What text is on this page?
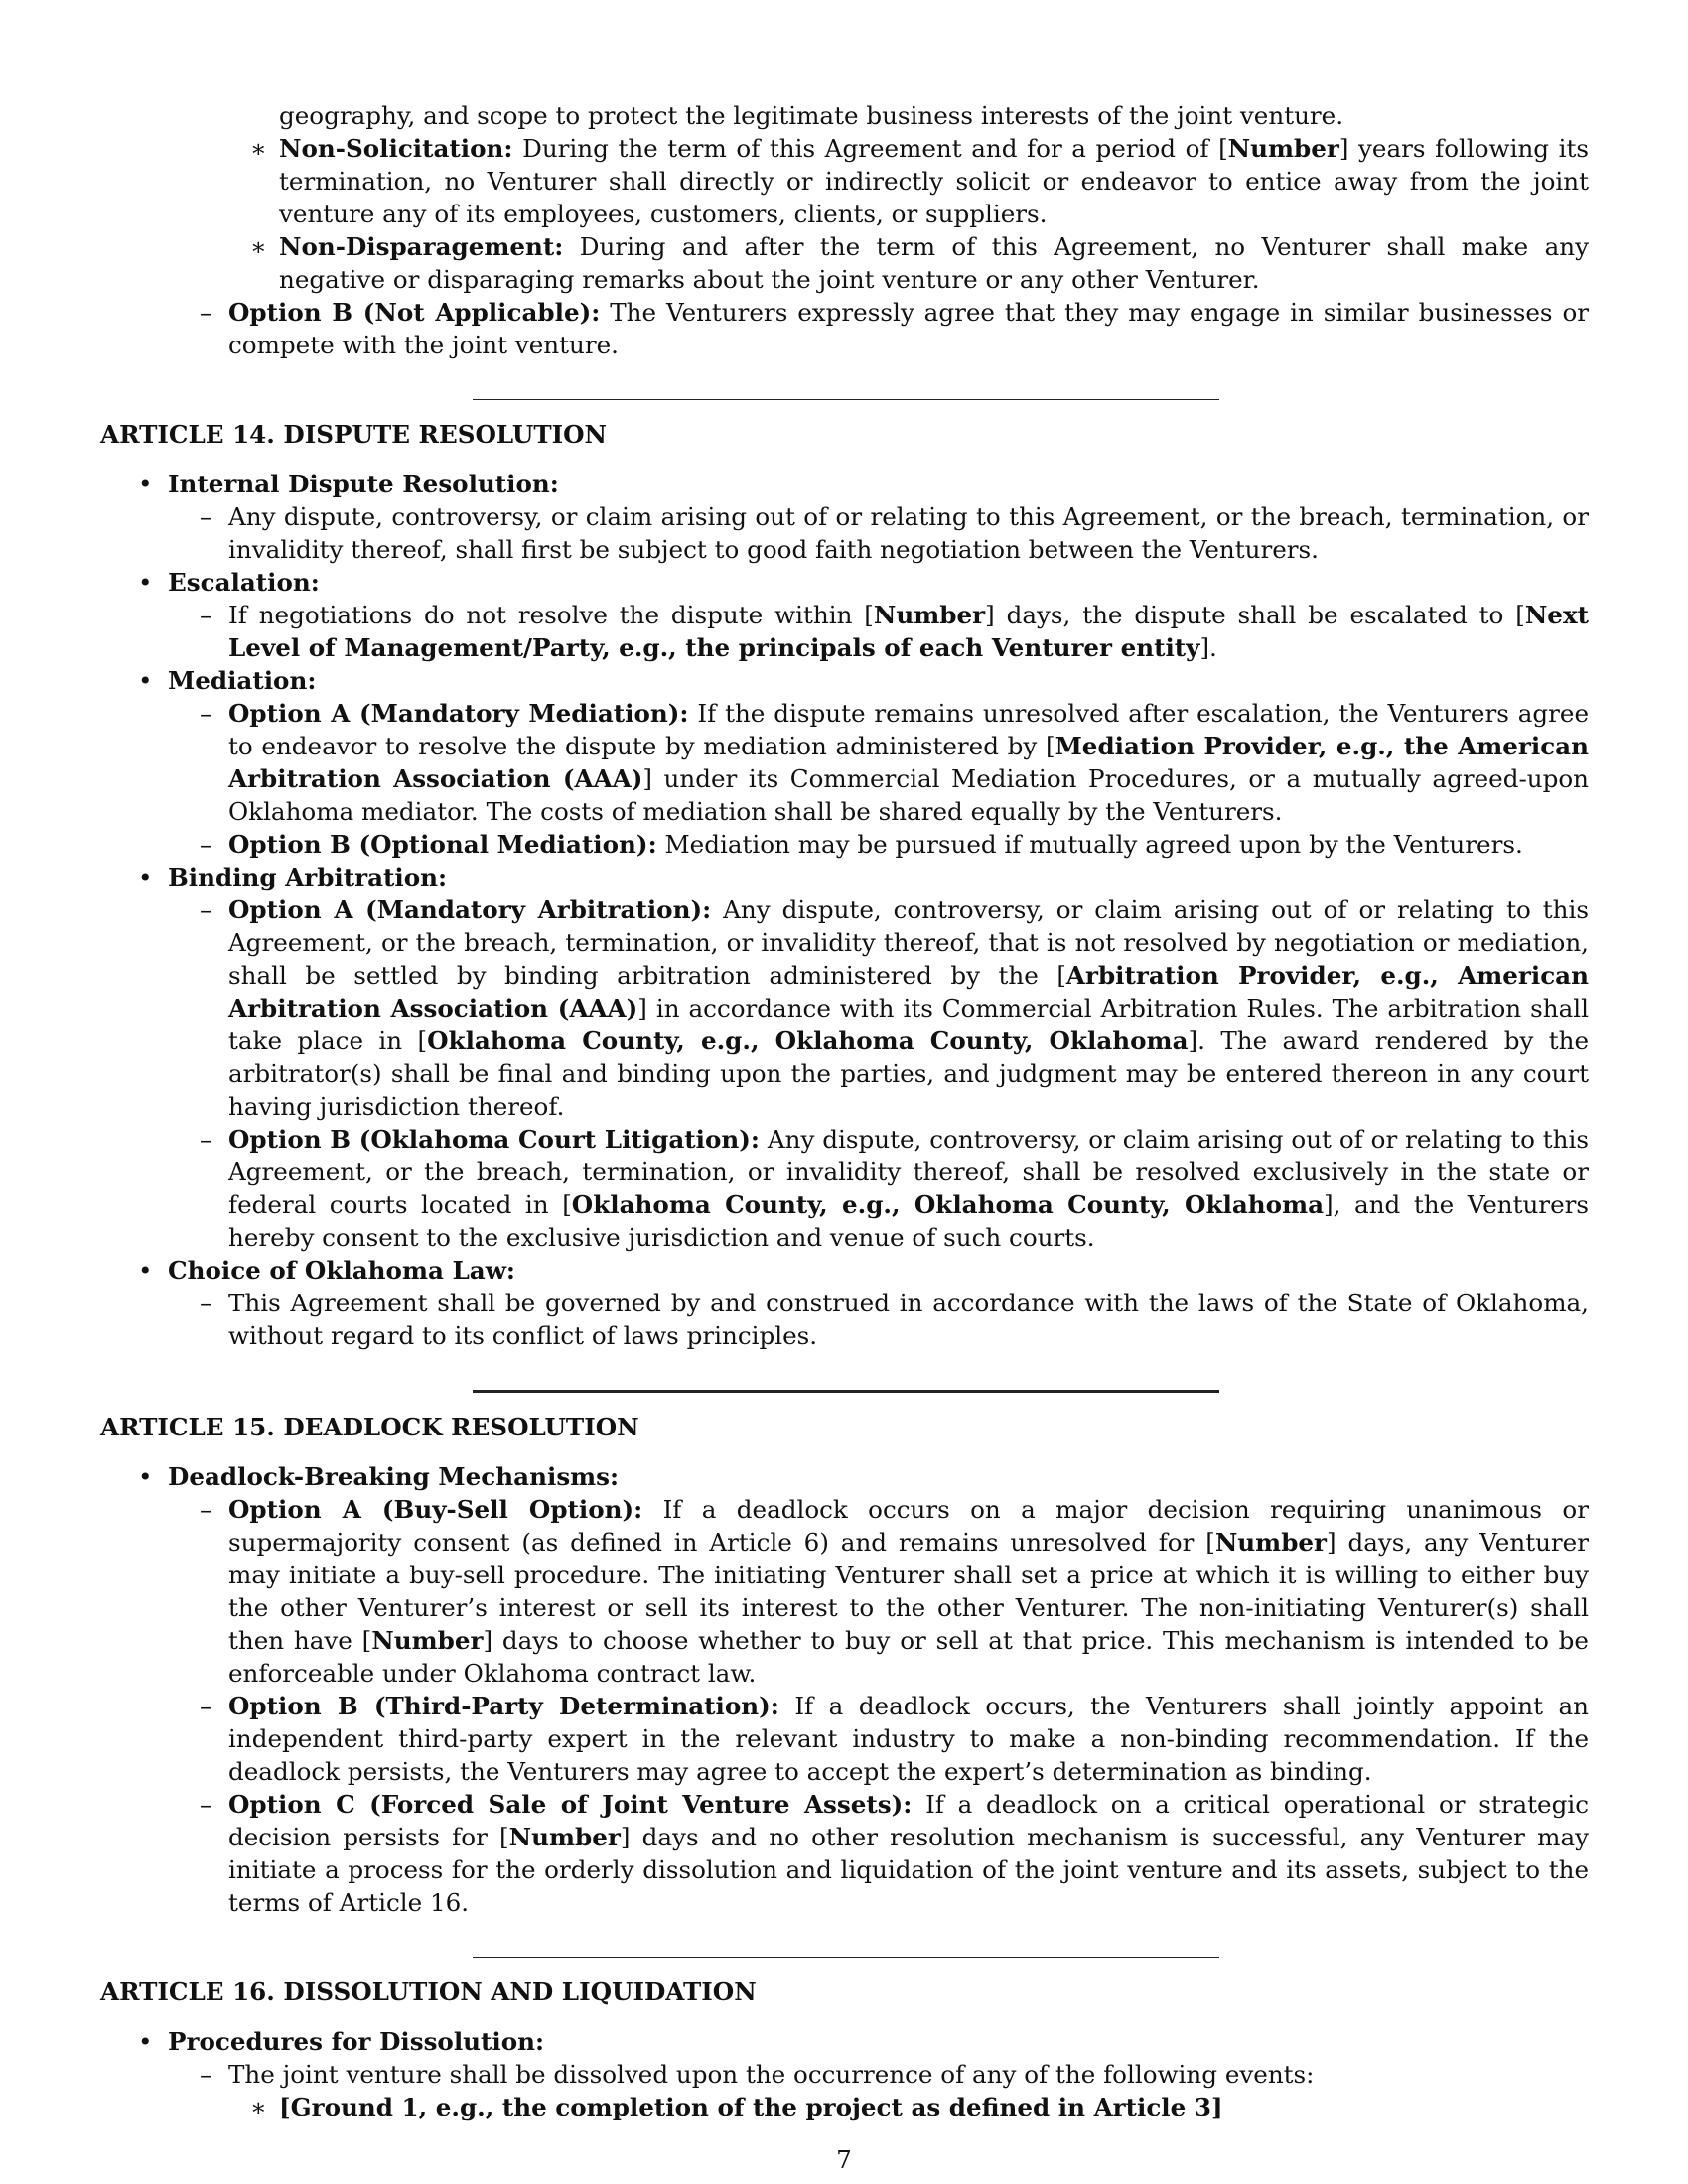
geography, and scope to protect the legitimate business interests of the joint venture.
∗ Non-Solicitation: During the term of this Agreement and for a period of [Number] years following its termination, no Venturer shall directly or indirectly solicit or endeavor to entice away from the joint venture any of its employees, customers, clients, or suppliers.
∗ Non-Disparagement: During and after the term of this Agreement, no Venturer shall make any negative or disparaging remarks about the joint venture or any other Venturer.
– Option B (Not Applicable): The Venturers expressly agree that they may engage in similar businesses or compete with the joint venture.
ARTICLE 14. DISPUTE RESOLUTION
• Internal Dispute Resolution:
– Any dispute, controversy, or claim arising out of or relating to this Agreement, or the breach, termination, or invalidity thereof, shall first be subject to good faith negotiation between the Venturers.
• Escalation:
– If negotiations do not resolve the dispute within [Number] days, the dispute shall be escalated to [Next Level of Management/Party, e.g., the principals of each Venturer entity].
• Mediation:
– Option A (Mandatory Mediation): If the dispute remains unresolved after escalation, the Venturers agree to endeavor to resolve the dispute by mediation administered by [Mediation Provider, e.g., the American Arbitration Association (AAA)] under its Commercial Mediation Procedures, or a mutually agreed-upon Oklahoma mediator. The costs of mediation shall be shared equally by the Venturers.
– Option B (Optional Mediation): Mediation may be pursued if mutually agreed upon by the Venturers.
• Binding Arbitration:
– Option A (Mandatory Arbitration): Any dispute, controversy, or claim arising out of or relating to this Agreement, or the breach, termination, or invalidity thereof, that is not resolved by negotiation or mediation, shall be settled by binding arbitration administered by the [Arbitration Provider, e.g., American Arbitration Association (AAA)] in accordance with its Commercial Arbitration Rules. The arbitration shall take place in [Oklahoma County, e.g., Oklahoma County, Oklahoma]. The award rendered by the arbitrator(s) shall be final and binding upon the parties, and judgment may be entered thereon in any court having jurisdiction thereof.
– Option B (Oklahoma Court Litigation): Any dispute, controversy, or claim arising out of or relating to this Agreement, or the breach, termination, or invalidity thereof, shall be resolved exclusively in the state or federal courts located in [Oklahoma County, e.g., Oklahoma County, Oklahoma], and the Venturers hereby consent to the exclusive jurisdiction and venue of such courts.
• Choice of Oklahoma Law:
– This Agreement shall be governed by and construed in accordance with the laws of the State of Oklahoma, without regard to its conflict of laws principles.
ARTICLE 15. DEADLOCK RESOLUTION
• Deadlock-Breaking Mechanisms:
– Option A (Buy-Sell Option): If a deadlock occurs on a major decision requiring unanimous or supermajority consent (as defined in Article 6) and remains unresolved for [Number] days, any Venturer may initiate a buy-sell procedure. The initiating Venturer shall set a price at which it is willing to either buy the other Venturer’s interest or sell its interest to the other Venturer. The non-initiating Venturer(s) shall then have [Number] days to choose whether to buy or sell at that price. This mechanism is intended to be enforceable under Oklahoma contract law.
– Option B (Third-Party Determination): If a deadlock occurs, the Venturers shall jointly appoint an independent third-party expert in the relevant industry to make a non-binding recommendation. If the deadlock persists, the Venturers may agree to accept the expert’s determination as binding.
– Option C (Forced Sale of Joint Venture Assets): If a deadlock on a critical operational or strategic decision persists for [Number] days and no other resolution mechanism is successful, any Venturer may initiate a process for the orderly dissolution and liquidation of the joint venture and its assets, subject to the terms of Article 16.
ARTICLE 16. DISSOLUTION AND LIQUIDATION
• Procedures for Dissolution:
– The joint venture shall be dissolved upon the occurrence of any of the following events:
∗ [Ground 1, e.g., the completion of the project as defined in Article 3]
7
